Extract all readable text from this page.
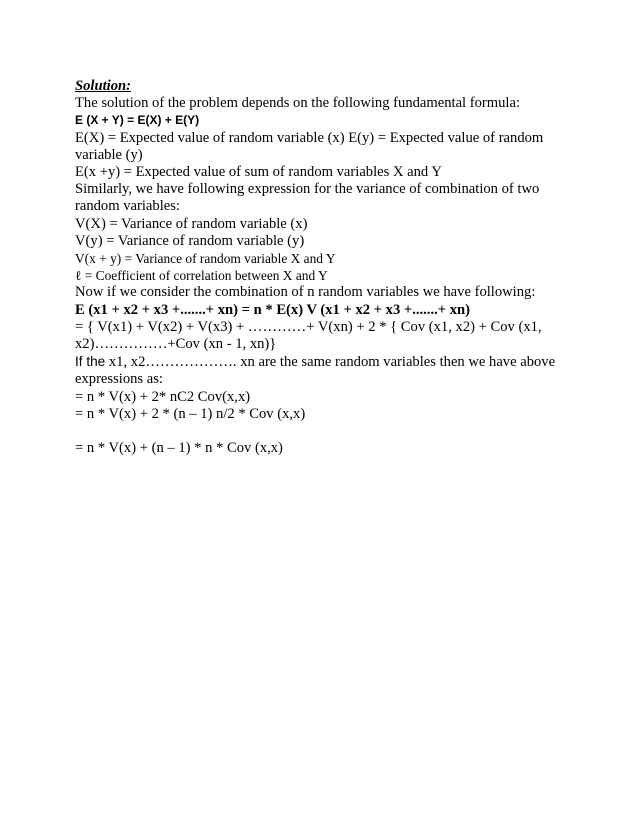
Solution:
The solution of the problem depends on the following fundamental formula:
E (X + Y) = E(X) + E(Y)
E(X) = Expected value of random variable (x) E(y) = Expected value of random
variable (y)
E(x +y) = Expected value of sum of random variables X and Y
Similarly, we have following expression for the variance of combination of two
random variables:
V(X) = Variance of random variable (x)
V(y) = Variance of random variable (y)
V(x + y) = Variance of random variable X and Y
ℓ = Coefficient of correlation between X and Y
Now if we consider the combination of n random variables we have following:
E (x1 + x2 + x3 +.......+ xn) = n * E(x) V (x1 + x2 + x3 +.......+ xn)
= { V(x1) + V(x2) + V(x3) + …………+ V(xn) + 2 * { Cov (x1, x2) + Cov (x1,
x2)……………+Cov (xn - 1, xn)}
If the x1, x2………………. xn are the same random variables then we have above
expressions as:
= n * V(x) + 2* nC2 Cov(x,x)
= n * V(x) + 2 * (n – 1) n/2 * Cov (x,x)
= n * V(x) + (n – 1) * n * Cov (x,x)
